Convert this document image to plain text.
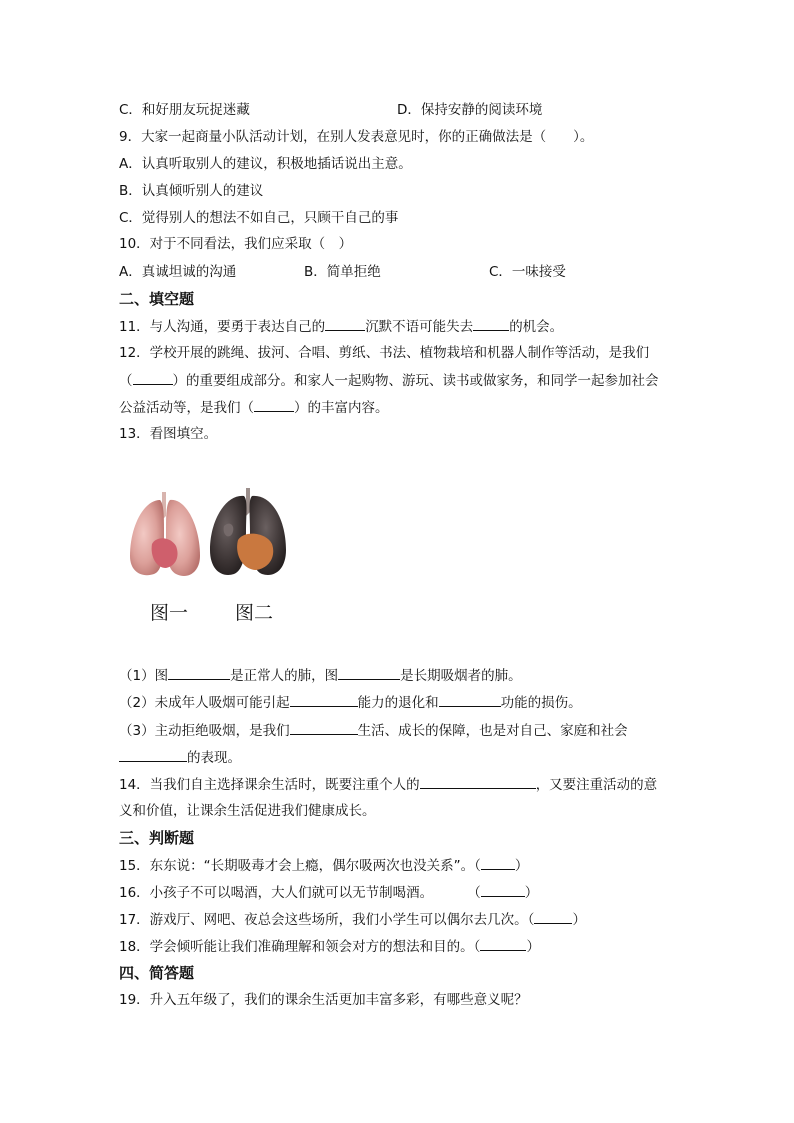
C．和好朋友玩捉迷藏	D．保持安静的阅读环境
9．大家一起商量小队活动计划，在别人发表意见时，你的正确做法是（　　）。
A．认真听取别人的建议，积极地插话说出主意。
B．认真倾听别人的建议
C．觉得别人的想法不如自己，只顾干自己的事
10．对于不同看法，我们应采取（　）
A．真诚坦诚的沟通	B．简单拒绝	C．一味接受
二、填空题
11．与人沟通，要勇于表达自己的	沉默不语可能失去	的机会。
12．学校开展的跳绳、拔河、合唱、剪纸、书法、植物栽培和机器人制作等活动，是我们
（	）的重要组成部分。和家人一起购物、游玩、读书或做家务，和同学一起参加社会
公益活动等，是我们（	）的丰富内容。
13．看图填空。
图一 图二
（1）图	是正常人的肺，图	是长期吸烟者的肺。
（2）未成年人吸烟可能引起	能力的退化和	功能的损伤。
（3）主动拒绝吸烟，是我们	生活、成长的保障，也是对自己、家庭和社会
的表现。
14．当我们自主选择课余生活时，既要注重个人的	，又要注重活动的意
义和价值，让课余生活促进我们健康成长。
三、判断题
15．东东说：“长期吸毒才会上瘾，偶尔吸两次也没关系”。（	）
16．小孩子不可以喝酒，大人们就可以无节制喝酒。	（	）
17．游戏厅、网吧、夜总会这些场所，我们小学生可以偶尔去几次。（	）
18．学会倾听能让我们准确理解和领会对方的想法和目的。（	）
四、简答题
19．升入五年级了，我们的课余生活更加丰富多彩，有哪些意义呢？
